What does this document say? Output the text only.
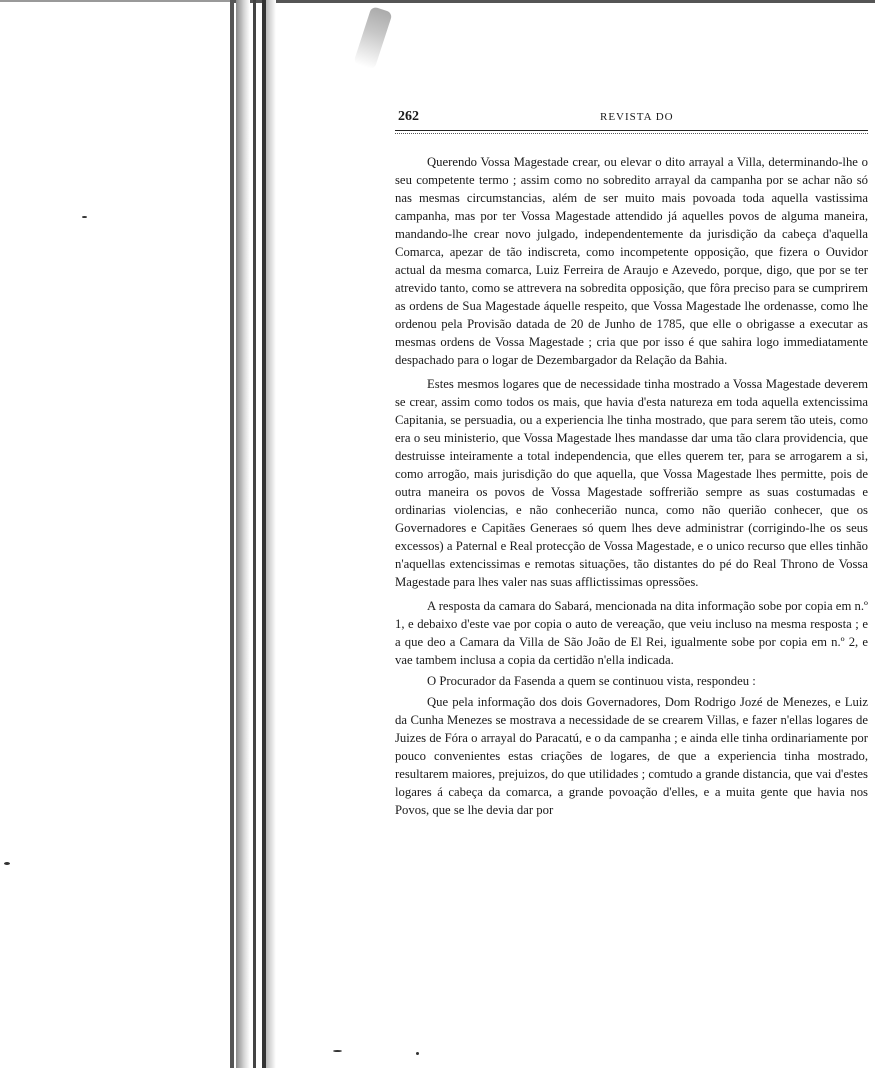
262	REVISTA DO

Querendo Vossa Magestade crear, ou elevar o dito arrayal a Villa, determinando-lhe o seu competente termo ; assim como no sobredito arrayal da campanha por se achar não só nas mesmas circumstancias, além de ser muito mais povoada toda aquella vastissima campanha, mas por ter Vossa Magestade attendido já aquelles povos de alguma maneira, mandando-lhe crear novo julgado, independentemente da jurisdição da cabeça d'aquella Comarca, apezar de tão indiscreta, como incompetente opposição, que fizera o Ouvidor actual da mesma comarca, Luiz Ferreira de Araujo e Azevedo, porque, digo, que por se ter atrevido tanto, como se attrevera na sobredita opposição, que fôra preciso para se cumprirem as ordens de Sua Magestade áquelle respeito, que Vossa Magestade lhe ordenasse, como lhe ordenou pela Provisão datada de 20 de Junho de 1785, que elle o obrigasse a executar as mesmas ordens de Vossa Magestade ; cria que por isso é que sahira logo immediatamente despachado para o logar de Dezembargador da Relação da Bahia.

Estes mesmos logares que de necessidade tinha mostrado a Vossa Magestade deverem se crear, assim como todos os mais, que havia d'esta natureza em toda aquella extencissima Capitania, se persuadia, ou a experiencia lhe tinha mostrado, que para serem tão uteis, como era o seu ministerio, que Vossa Magestade lhes mandasse dar uma tão clara providencia, que destruisse inteiramente a total independencia, que elles querem ter, para se arrogarem a si, como arrogão, mais jurisdição do que aquella, que Vossa Magestade lhes permitte, pois de outra maneira os povos de Vossa Magestade soffrerião sempre as suas costumadas e ordinarias violencias, e não conhecerião nunca, como não querião conhecer, que os Governadores e Capitães Generaes só quem lhes deve administrar (corrigindo-lhe os seus excessos) a Paternal e Real protecção de Vossa Magestade, e o unico recurso que elles tinhão n'aquellas extencissimas e remotas situações, tão distantes do pé do Real Throno de Vossa Magestade para lhes valer nas suas afflictissimas opressões.

A resposta da camara do Sabará, mencionada na dita informação sobe por copia em n.º 1, e debaixo d'este vae por copia o auto de vereação, que veiu incluso na mesma resposta ; e a que deo a Camara da Villa de São João de El Rei, igualmente sobe por copia em n.º 2, e vae tambem inclusa a copia da certidão n'ella indicada.

O Procurador da Fasenda a quem se continuou vista, respondeu :

Que pela informação dos dois Governadores, Dom Rodrigo Jozé de Menezes, e Luiz da Cunha Menezes se mostrava a necessidade de se crearem Villas, e fazer n'ellas logares de Juizes de Fóra o arrayal do Paracatú, e o da campanha ; e ainda elle tinha ordinariamente por pouco convenientes estas criações de logares, de que a experiencia tinha mostrado, resultarem maiores, prejuizos, do que utilidades ; comtudo a grande distancia, que vai d'estes logares á cabeça da comarca, a grande povoação d'elles, e a muita gente que havia nos Povos, que se lhe devia dar por
